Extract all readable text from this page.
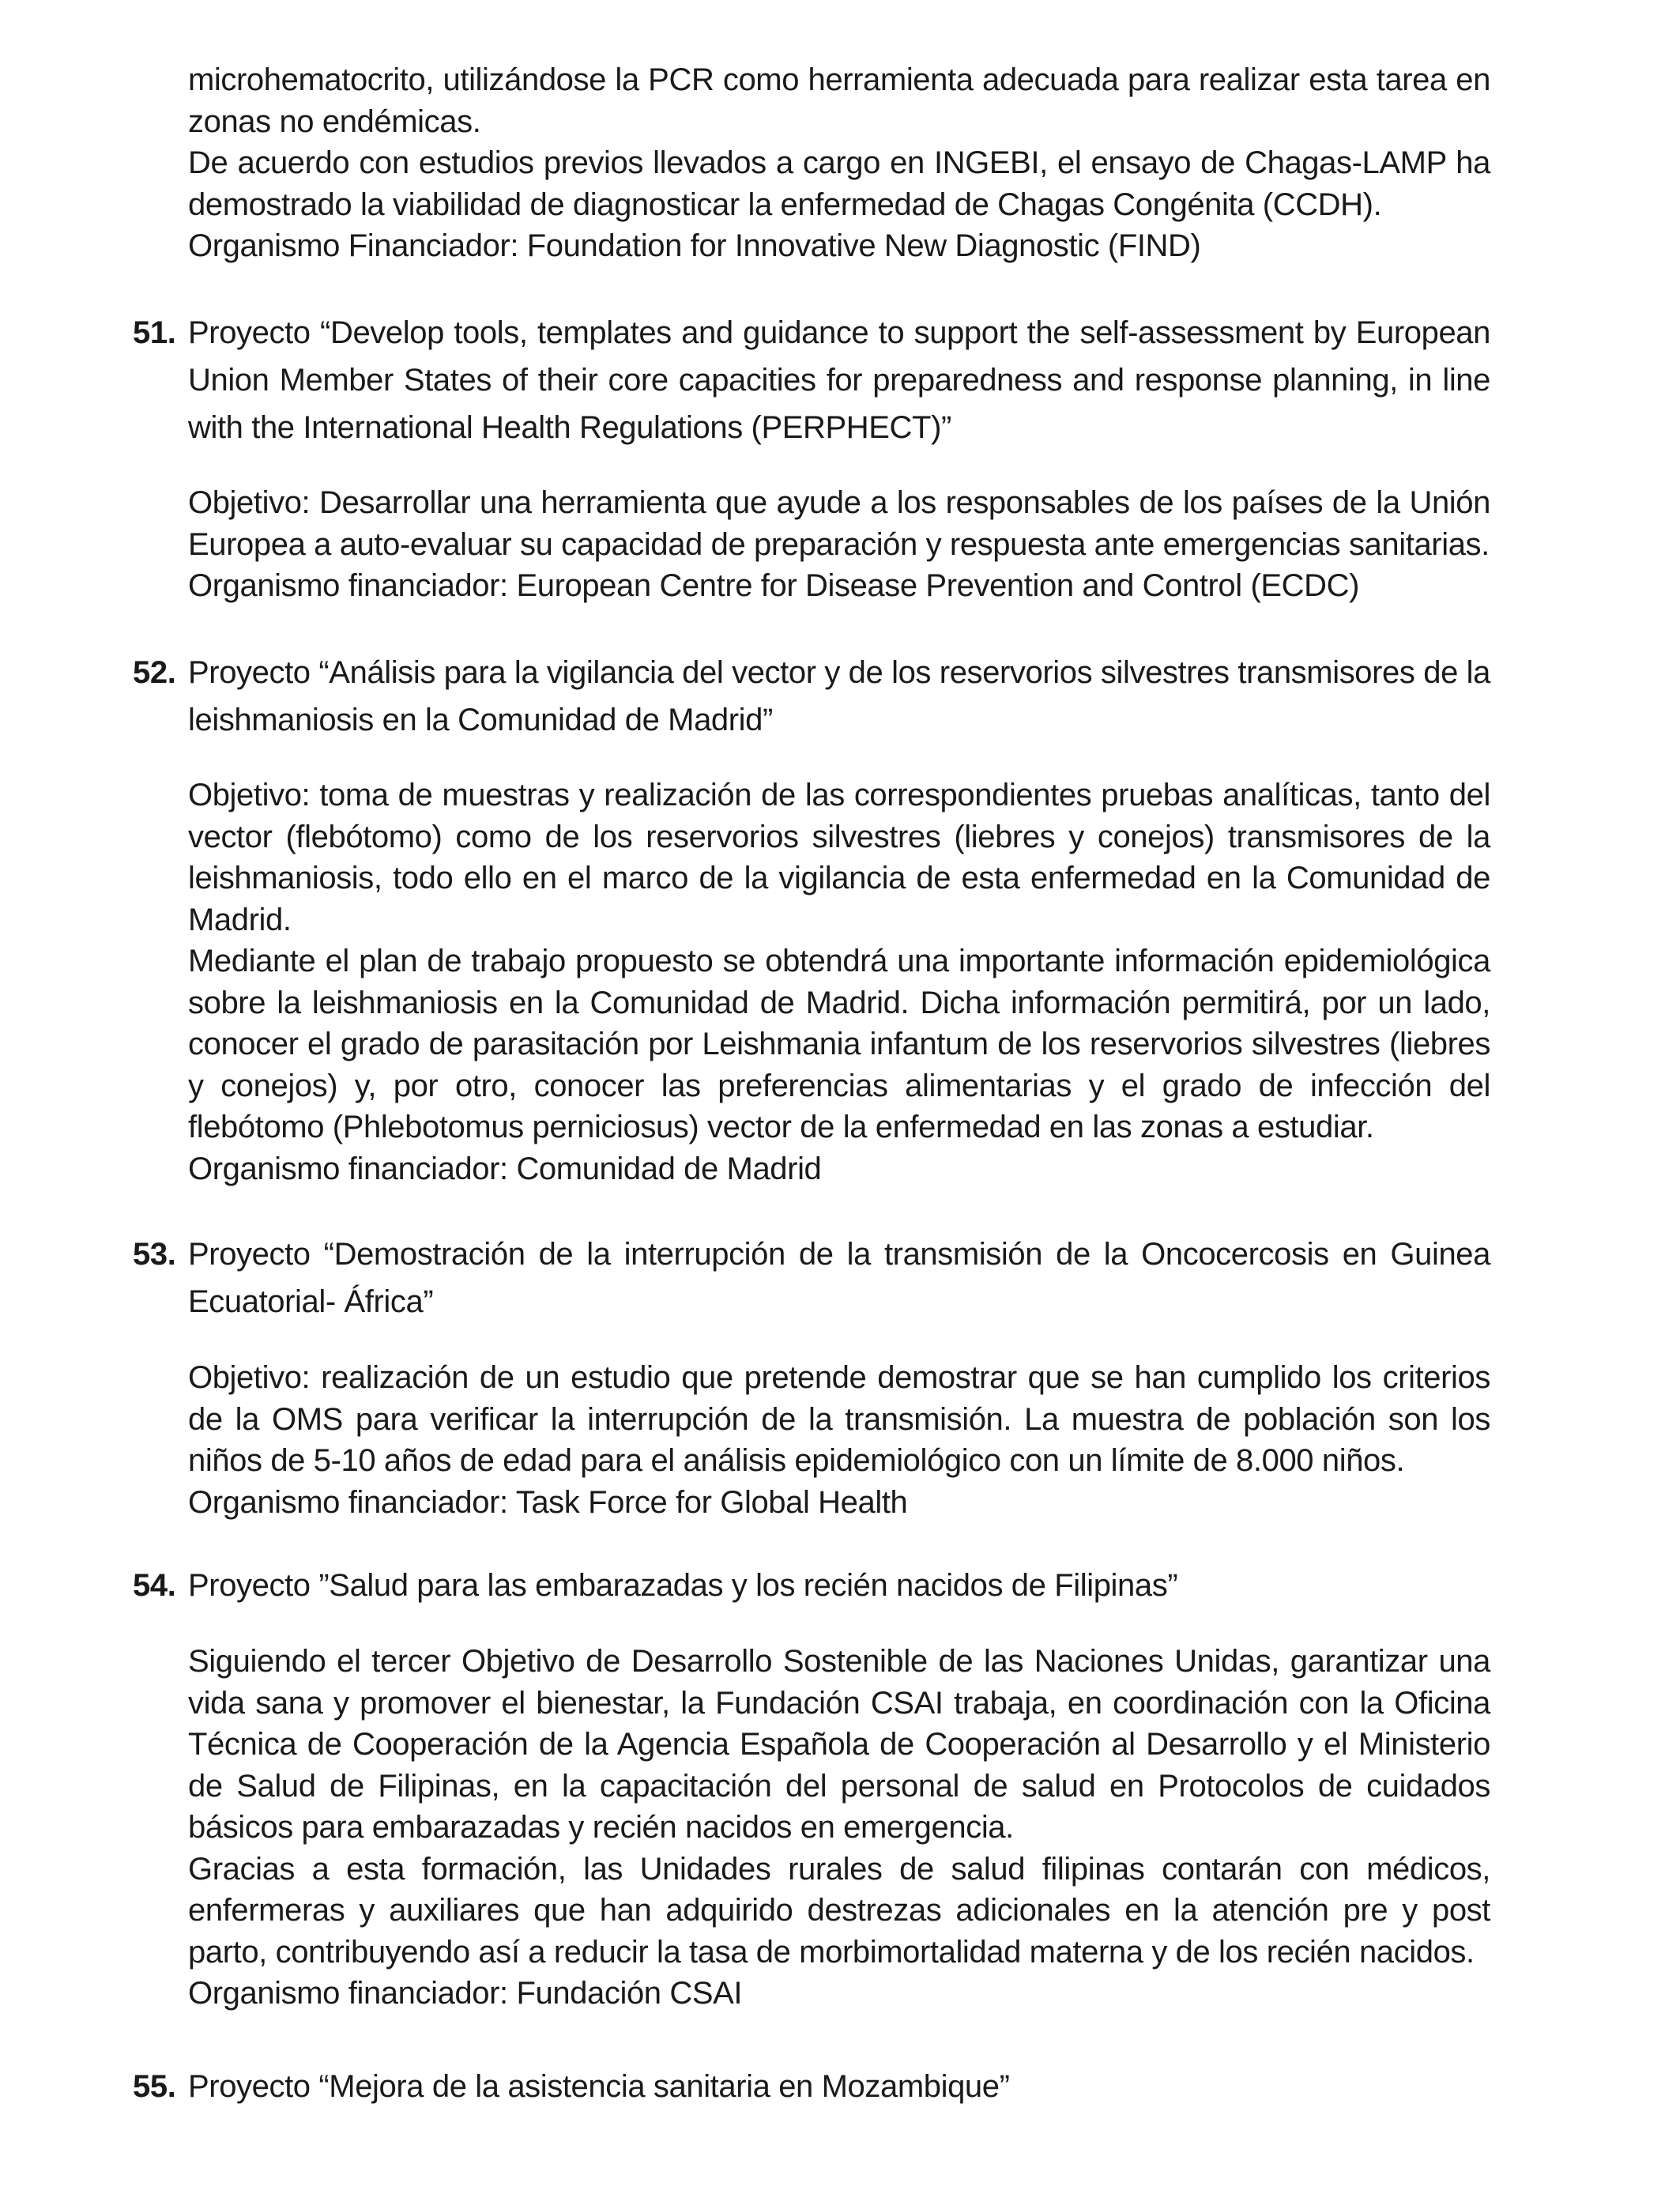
microhematocrito, utilizándose la PCR como herramienta adecuada para realizar esta tarea en zonas no endémicas.

De acuerdo con estudios previos llevados a cargo en INGEBI, el ensayo de Chagas-LAMP ha demostrado la viabilidad de diagnosticar la enfermedad de Chagas Congénita (CCDH).

Organismo Financiador: Foundation for Innovative New Diagnostic (FIND)

51. Proyecto “Develop tools, templates and guidance to support the self-assessment by European Union Member States of their core capacities for preparedness and response planning, in line with the International Health Regulations (PERPHECT)”

Objetivo: Desarrollar una herramienta que ayude a los responsables de los países de la Unión Europea a auto-evaluar su capacidad de preparación y respuesta ante emergencias sanitarias.

Organismo financiador: European Centre for Disease Prevention and Control (ECDC)

52. Proyecto “Análisis para la vigilancia del vector y de los reservorios silvestres transmisores de la leishmaniosis en la Comunidad de Madrid”

Objetivo: toma de muestras y realización de las correspondientes pruebas analíticas, tanto del vector (flebótomo) como de los reservorios silvestres (liebres y conejos) transmisores de la leishmaniosis, todo ello en el marco de la vigilancia de esta enfermedad en la Comunidad de Madrid.

Mediante el plan de trabajo propuesto se obtendrá una importante información epidemiológica sobre la leishmaniosis en la Comunidad de Madrid. Dicha información permitirá, por un lado, conocer el grado de parasitación por Leishmania infantum de los reservorios silvestres (liebres y conejos) y, por otro, conocer las preferencias alimentarias y el grado de infección del flebótomo (Phlebotomus perniciosus) vector de la enfermedad en las zonas a estudiar.

Organismo financiador: Comunidad de Madrid

53. Proyecto “Demostración de la interrupción de la transmisión de la Oncocercosis en Guinea Ecuatorial- África”

Objetivo: realización de un estudio que pretende demostrar que se han cumplido los criterios de la OMS para verificar la interrupción de la transmisión. La muestra de población son los niños de 5-10 años de edad para el análisis epidemiológico con un límite de 8.000 niños.

Organismo financiador: Task Force for Global Health

54. Proyecto ”Salud para las embarazadas y los recién nacidos de Filipinas”

Siguiendo el tercer Objetivo de Desarrollo Sostenible de las Naciones Unidas, garantizar una vida sana y promover el bienestar, la Fundación CSAI trabaja, en coordinación con la Oficina Técnica de Cooperación de la Agencia Española de Cooperación al Desarrollo y el Ministerio de Salud de Filipinas, en la capacitación del personal de salud en Protocolos de cuidados básicos para embarazadas y recién nacidos en emergencia.

Gracias a esta formación, las Unidades rurales de salud filipinas contarán con médicos, enfermeras y auxiliares que han adquirido destrezas adicionales en la atención pre y post parto, contribuyendo así a reducir la tasa de morbimortalidad materna y de los recién nacidos.

Organismo financiador: Fundación CSAI

55. Proyecto “Mejora de la asistencia sanitaria en Mozambique”
